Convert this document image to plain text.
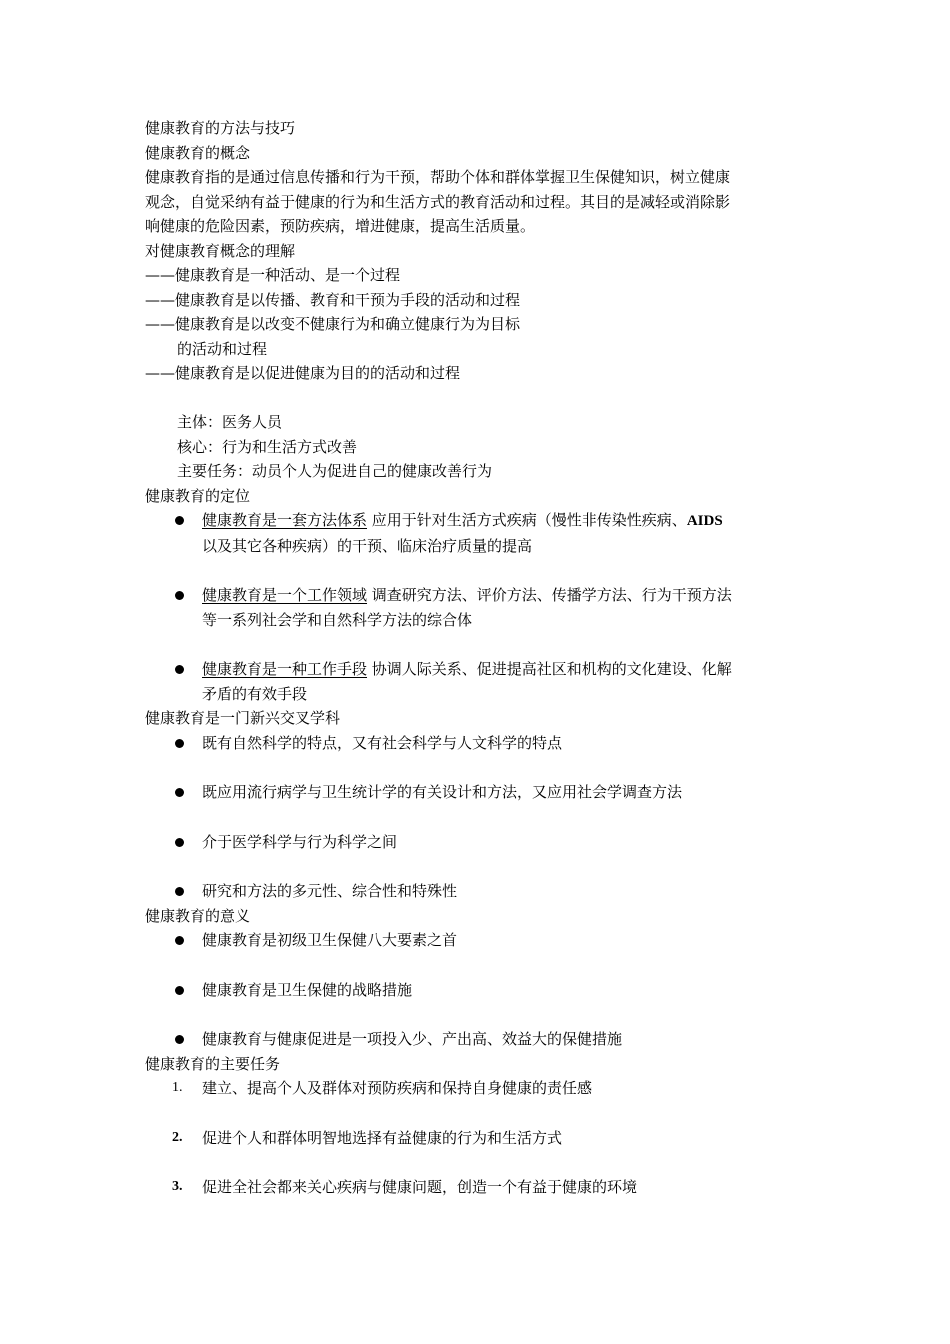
健康教育的方法与技巧
健康教育的概念
健康教育指的是通过信息传播和行为干预，帮助个体和群体掌握卫生保健知识，树立健康
观念，自觉采纳有益于健康的行为和生活方式的教育活动和过程。其目的是减轻或消除影
响健康的危险因素，预防疾病，增进健康，提高生活质量。
对健康教育概念的理解
——健康教育是一种活动、是一个过程
——健康教育是以传播、教育和干预为手段的活动和过程
——健康教育是以改变不健康行为和确立健康行为为目标
的活动和过程
——健康教育是以促进健康为目的的活动和过程
主体：医务人员
核心：行为和生活方式改善
主要任务：动员个人为促进自己的健康改善行为
健康教育的定位
健康教育是一套方法体系 应用于针对生活方式疾病（慢性非传染性疾病、AIDS
以及其它各种疾病）的干预、临床治疗质量的提高
健康教育是一个工作领域 调查研究方法、评价方法、传播学方法、行为干预方法
等一系列社会学和自然科学方法的综合体
健康教育是一种工作手段 协调人际关系、促进提高社区和机构的文化建设、化解
矛盾的有效手段
健康教育是一门新兴交叉学科
既有自然科学的特点，又有社会科学与人文科学的特点
既应用流行病学与卫生统计学的有关设计和方法，又应用社会学调查方法
介于医学科学与行为科学之间
研究和方法的多元性、综合性和特殊性
健康教育的意义
健康教育是初级卫生保健八大要素之首
健康教育是卫生保健的战略措施
健康教育与健康促进是一项投入少、产出高、效益大的保健措施
健康教育的主要任务
1. 建立、提高个人及群体对预防疾病和保持自身健康的责任感
2. 促进个人和群体明智地选择有益健康的行为和生活方式
3. 促进全社会都来关心疾病与健康问题，创造一个有益于健康的环境
